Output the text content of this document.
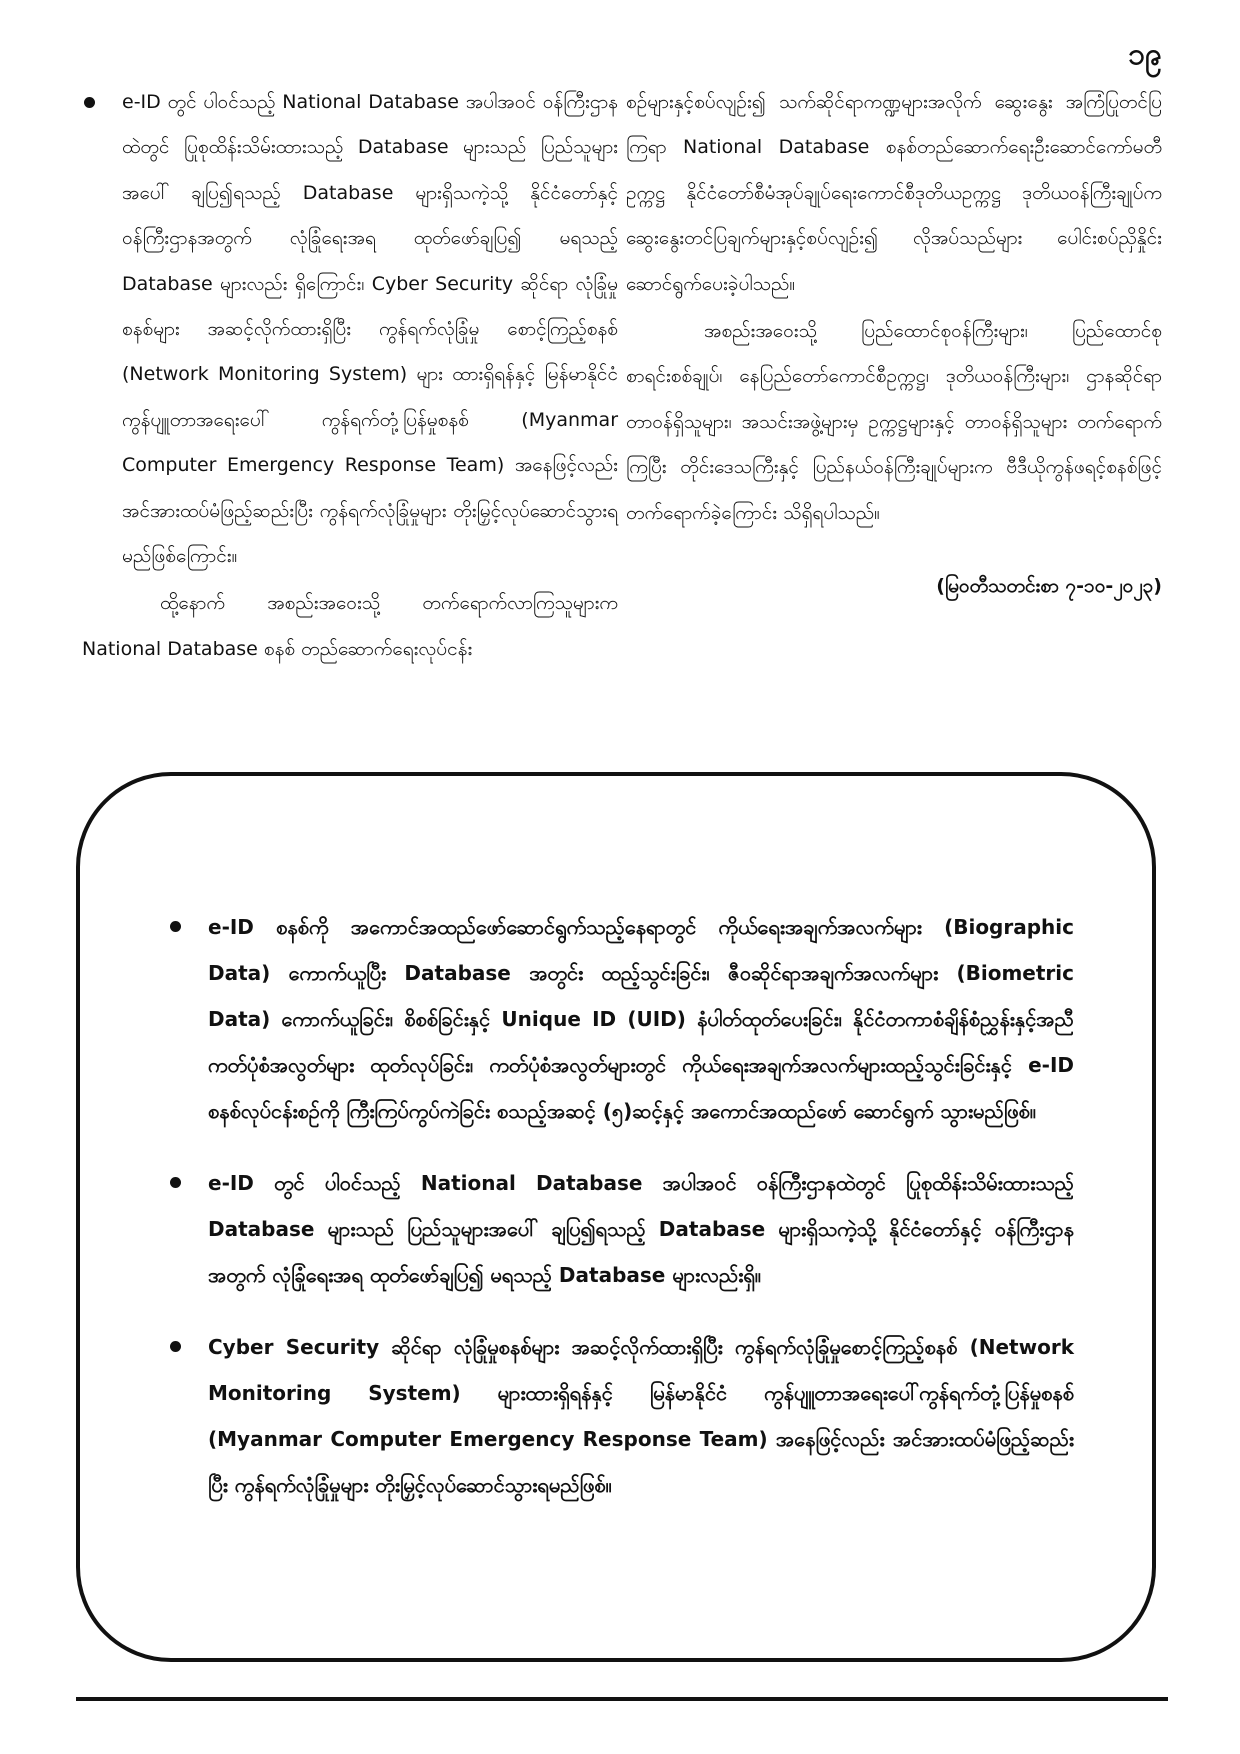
၁၉

e-ID တွင် ပါဝင်သည့် National Database အပါအဝင် ဝန်ကြီးဌာနထဲတွင် ပြုစုထိန်းသိမ်းထားသည့် Database များသည် ပြည်သူများအပေါ် ချပြ၍ရသည့် Database များရှိသကဲ့သို့ နိုင်ငံတော်နှင့် ဝန်ကြီးဌာနအတွက် လုံခြုံရေးအရ ထုတ်ဖော်ချပြ၍ မရသည့် Database များလည်း ရှိကြောင်း၊ Cyber Security ဆိုင်ရာ လုံခြုံမှုစနစ်များ အဆင့်လိုက်ထားရှိပြီး ကွန်ရက်လုံခြုံမှု စောင့်ကြည့်စနစ် (Network Monitoring System) များ ထားရှိရန်နှင့် မြန်မာနိုင်ငံ ကွန်ပျူတာအရေးပေါ် ကွန်ရက်တုံ့ပြန်မှုစနစ် (Myanmar Computer Emergency Response Team) အနေဖြင့်လည်း အင်အားထပ်မံဖြည့်ဆည်းပြီး ကွန်ရက်လုံခြုံမှုများ တိုးမြှင့်လုပ်ဆောင်သွားရမည်ဖြစ်ကြောင်း။

ထို့နောက် အစည်းအဝေးသို့ တက်ရောက်လာကြသူများက National Database စနစ် တည်ဆောက်ရေးလုပ်ငန်း

စဉ်များနှင့်စပ်လျဉ်း၍ သက်ဆိုင်ရာကဏ္ဍများအလိုက် ဆွေးနွေး အကြံပြုတင်ပြကြရာ National Database စနစ်တည်ဆောက်ရေးဦးဆောင်ကော်မတီဥက္ကဋ္ဌ နိုင်ငံတော်စီမံအုပ်ချုပ်ရေးကောင်စီဒုတိယဥက္ကဋ္ဌ ဒုတိယဝန်ကြီးချုပ်က ဆွေးနွေးတင်ပြချက်များနှင့်စပ်လျဉ်း၍ လိုအပ်သည်များ ပေါင်းစပ်ညှိနှိုင်း ဆောင်ရွက်ပေးခဲ့ပါသည်။

အစည်းအဝေးသို့ ပြည်ထောင်စုဝန်ကြီးများ၊ ပြည်ထောင်စုစာရင်းစစ်ချုပ်၊ နေပြည်တော်ကောင်စီဥက္ကဋ္ဌ၊ ဒုတိယဝန်ကြီးများ၊ ဌာနဆိုင်ရာတာဝန်ရှိသူများ၊ အသင်းအဖွဲ့များမှ ဥက္ကဋ္ဌများနှင့် တာဝန်ရှိသူများ တက်ရောက်ကြပြီး တိုင်းဒေသကြီးနှင့် ပြည်နယ်ဝန်ကြီးချုပ်များက ဗီဒီယိုကွန်ဖရင့်စနစ်ဖြင့် တက်ရောက်ခဲ့ကြောင်း သိရှိရပါသည်။

(မြဝတီသတင်းစာ ၇-၁၀-၂၀၂၃)

e-ID စနစ်ကို အကောင်အထည်ဖော်ဆောင်ရွက်သည့်နေရာတွင် ကိုယ်ရေးအချက်အလက်များ (Biographic Data) ကောက်ယူပြီး Database အတွင်း ထည့်သွင်းခြင်း၊ ဇီဝဆိုင်ရာအချက်အလက်များ (Biometric Data) ကောက်ယူခြင်း၊ စိစစ်ခြင်းနှင့် Unique ID (UID) နံပါတ်ထုတ်ပေးခြင်း၊ နိုင်ငံတကာစံချိန်စံညွှန်းနှင့်အညီ ကတ်ပုံစံအလွတ်များ ထုတ်လုပ်ခြင်း၊ ကတ်ပုံစံအလွတ်များတွင် ကိုယ်ရေးအချက်အလက်များထည့်သွင်းခြင်းနှင့် e-ID စနစ်လုပ်ငန်းစဉ်ကို ကြီးကြပ်ကွပ်ကဲခြင်း စသည့်အဆင့် (၅)ဆင့်နှင့် အကောင်အထည်ဖော် ဆောင်ရွက် သွားမည်ဖြစ်။
e-ID တွင် ပါဝင်သည့် National Database အပါအဝင် ဝန်ကြီးဌာနထဲတွင် ပြုစုထိန်းသိမ်းထားသည့် Database များသည် ပြည်သူများအပေါ် ချပြ၍ရသည့် Database များရှိသကဲ့သို့ နိုင်ငံတော်နှင့် ဝန်ကြီးဌာနအတွက် လုံခြုံရေးအရ ထုတ်ဖော်ချပြ၍ မရသည့် Database များလည်းရှိ။
Cyber Security ဆိုင်ရာ လုံခြုံမှုစနစ်များ အဆင့်လိုက်ထားရှိပြီး ကွန်ရက်လုံခြုံမှုစောင့်ကြည့်စနစ် (Network Monitoring System) များထားရှိရန်နှင့် မြန်မာနိုင်ငံ ကွန်ပျူတာအရေးပေါ်ကွန်ရက်တုံ့ပြန်မှုစနစ် (Myanmar Computer Emergency Response Team) အနေဖြင့်လည်း အင်အားထပ်မံဖြည့်ဆည်းပြီး ကွန်ရက်လုံခြုံမှုများ တိုးမြှင့်လုပ်ဆောင်သွားရမည်ဖြစ်။
